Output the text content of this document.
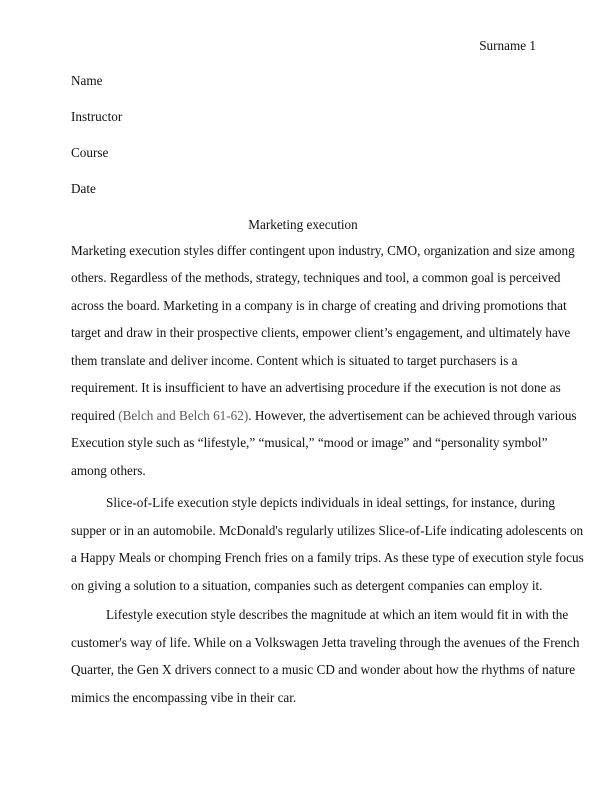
Surname 1
Name
Instructor
Course
Date
Marketing execution
Marketing execution styles differ contingent upon industry, CMO, organization and size among
others. Regardless of the methods, strategy, techniques and tool, a common goal is perceived
across the board. Marketing in a company is in charge of creating and driving promotions that
target and draw in their prospective clients, empower client’s engagement, and ultimately have
them translate and deliver income. Content which is situated to target purchasers is a
requirement. It is insufficient to have an advertising procedure if the execution is not done as
required (Belch and Belch 61-62). However, the advertisement can be achieved through various
Execution style such as “lifestyle,” “musical,” “mood or image” and “personality symbol”
among others.
Slice-of-Life execution style depicts individuals in ideal settings, for instance, during
supper or in an automobile. McDonald's regularly utilizes Slice-of-Life indicating adolescents on
a Happy Meals or chomping French fries on a family trips. As these type of execution style focus
on giving a solution to a situation, companies such as detergent companies can employ it.
Lifestyle execution style describes the magnitude at which an item would fit in with the
customer's way of life. While on a Volkswagen Jetta traveling through the avenues of the French
Quarter, the Gen X drivers connect to a music CD and wonder about how the rhythms of nature
mimics the encompassing vibe in their car.
